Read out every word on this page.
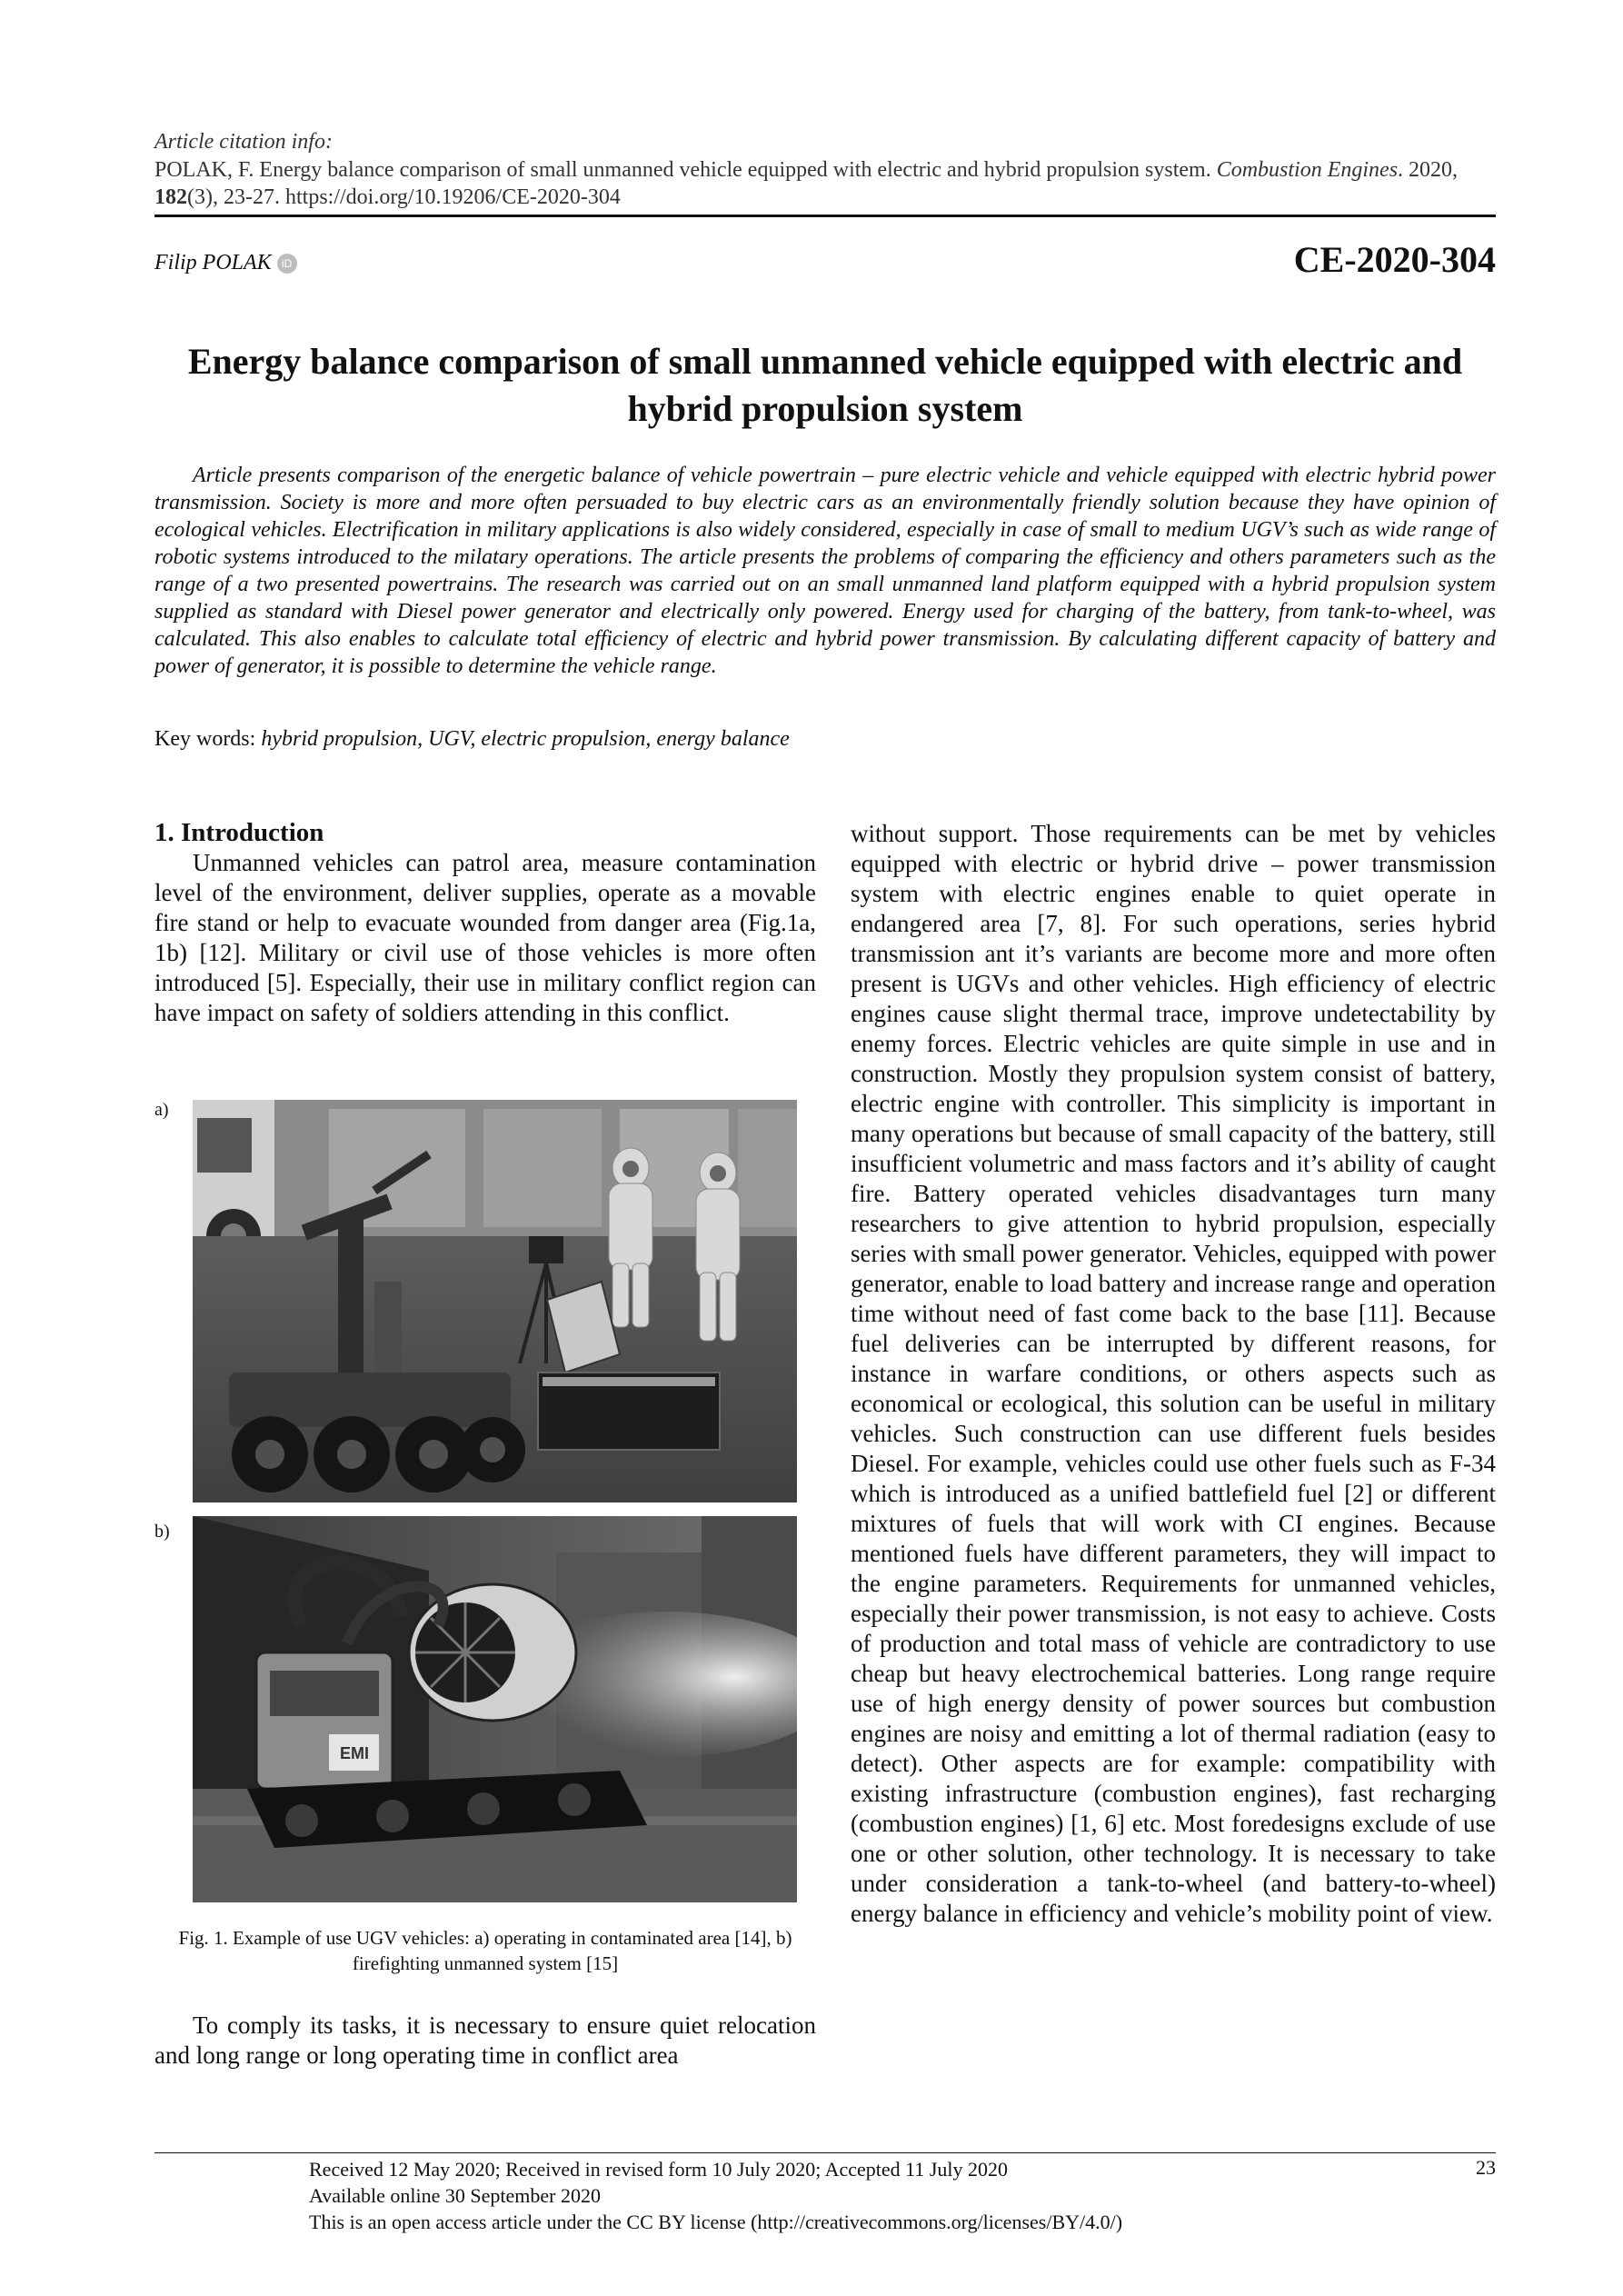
Article citation info:
POLAK, F. Energy balance comparison of small unmanned vehicle equipped with electric and hybrid propulsion system. Combustion Engines. 2020, 182(3), 23-27. https://doi.org/10.19206/CE-2020-304
Filip POLAK iD	CE-2020-304
Energy balance comparison of small unmanned vehicle equipped with electric and hybrid propulsion system

Article presents comparison of the energetic balance of vehicle powertrain – pure electric vehicle and vehicle equipped with electric hybrid power transmission. Society is more and more often persuaded to buy electric cars as an environmentally friendly solution because they have opinion of ecological vehicles. Electrification in military applications is also widely considered, especially in case of small to medium UGV’s such as wide range of robotic systems introduced to the milatary operations. The article presents the problems of comparing the efficiency and others parameters such as the range of a two presented powertrains. The research was carried out on an small unmanned land platform equipped with a hybrid propulsion system supplied as standard with Diesel power generator and electrically only powered. Energy used for charging of the battery, from tank-to-wheel, was calculated. This also enables to calculate total efficiency of electric and hybrid power transmission. By calculating different capacity of battery and power of generator, it is possible to determine the vehicle range.

Key words: hybrid propulsion, UGV, electric propulsion, energy balance
1. Introduction

Unmanned vehicles can patrol area, measure contamination level of the environment, deliver supplies, operate as a movable fire stand or help to evacuate wounded from danger area (Fig.1a, 1b) [12]. Military or civil use of those vehicles is more often introduced [5]. Especially, their use in military conflict region can have impact on safety of soldiers attending in this conflict.

a)
b)
EMI
Fig. 1. Example of use UGV vehicles: a) operating in contaminated area [14], b) firefighting unmanned system [15]

To comply its tasks, it is necessary to ensure quiet relocation and long range or long operating time in conflict area

without support. Those requirements can be met by vehicles equipped with electric or hybrid drive – power transmission system with electric engines enable to quiet operate in endangered area [7, 8]. For such operations, series hybrid transmission ant it’s variants are become more and more often present is UGVs and other vehicles. High efficiency of electric engines cause slight thermal trace, improve undetectability by enemy forces. Electric vehicles are quite simple in use and in construction. Mostly they propulsion system consist of battery, electric engine with controller. This simplicity is important in many operations but because of small capacity of the battery, still insufficient volumetric and mass factors and it’s ability of caught fire. Battery operated vehicles disadvantages turn many researchers to give attention to hybrid propulsion, especially series with small power generator. Vehicles, equipped with power generator, enable to load battery and increase range and operation time without need of fast come back to the base [11]. Because fuel deliveries can be interrupted by different reasons, for instance in warfare conditions, or others aspects such as economical or ecological, this solution can be useful in military vehicles. Such construction can use different fuels besides Diesel. For example, vehicles could use other fuels such as F-34 which is introduced as a unified battlefield fuel [2] or different mixtures of fuels that will work with CI engines. Because mentioned fuels have different parameters, they will impact to the engine parameters. Requirements for unmanned vehicles, especially their power transmission, is not easy to achieve. Costs of production and total mass of vehicle are contradictory to use cheap but heavy electrochemical batteries. Long range require use of high energy density of power sources but combustion engines are noisy and emitting a lot of thermal radiation (easy to detect). Other aspects are for example: compatibility with existing infrastructure (combustion engines), fast recharging (combustion engines) [1, 6] etc. Most foredesigns exclude of use one or other solution, other technology. It is necessary to take under consideration a tank-to-wheel (and battery-to-wheel) energy balance in efficiency and vehicle’s mobility point of view.

Received 12 May 2020; Received in revised form 10 July 2020; Accepted 11 July 2020
Available online 30 September 2020
This is an open access article under the CC BY license (http://creativecommons.org/licenses/BY/4.0/)
23
